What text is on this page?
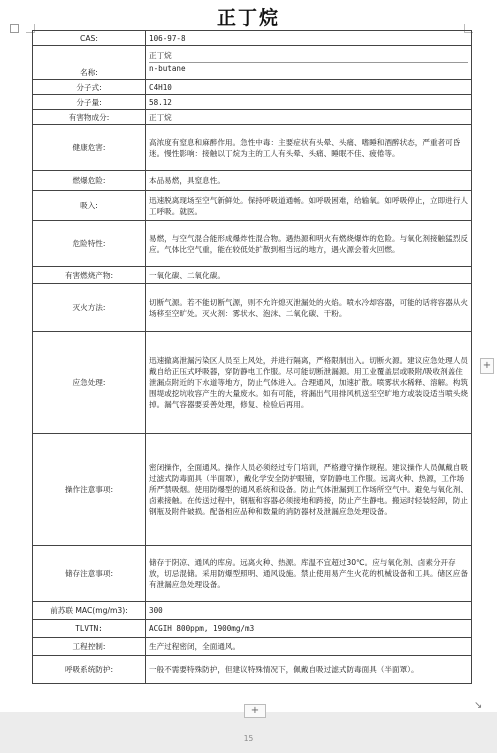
正丁烷
CAS:	106-97-8
名称:	正丁烷
n-butane

分子式:	C4H10
分子量:	58.12
有害物成分:	正丁烷
健康危害:	高浓度有窒息和麻醉作用。急性中毒：主要症状有头晕、头痛、嗜睡和酒醉状态，严重者可昏迷。慢性影响：接触以丁烷为主的工人有头晕、头痛、睡眠不佳、疲倦等。
燃爆危险:	本品易燃，具窒息性。
吸入:	迅速脱离现场至空气新鲜处。保持呼吸道通畅。如呼吸困难，给输氧。如呼吸停止，立即进行人工呼吸。就医。
危险特性:	易燃，与空气混合能形成爆炸性混合物。遇热源和明火有燃烧爆炸的危险。与氧化剂接触猛烈反应。气体比空气重，能在较低处扩散到相当远的地方，遇火源会着火回燃。
有害燃烧产物:	一氧化碳、二氧化碳。
灭火方法:	切断气源。若不能切断气源，则不允许熄灭泄漏处的火焰。喷水冷却容器，可能的话将容器从火场移至空旷处。灭火剂：雾状水、泡沫、二氧化碳、干粉。
应急处理:	迅速撤离泄漏污染区人员至上风处，并进行隔离，严格限制出入。切断火源。建议应急处理人员戴自给正压式呼吸器，穿防静电工作服。尽可能切断泄漏源。用工业覆盖层或吸附/吸收剂盖住泄漏点附近的下水道等地方，防止气体进入。合理通风，加速扩散。喷雾状水稀释、溶解。构筑围堤或挖坑收容产生的大量废水。如有可能，将漏出气用排风机送至空旷地方或装设适当喷头烧掉。漏气容器要妥善处理，修复、检验后再用。
操作注意事项:	密闭操作，全面通风。操作人员必须经过专门培训，严格遵守操作规程。建议操作人员佩戴自吸过滤式防毒面具（半面罩），戴化学安全防护眼镜，穿防静电工作服。远离火种、热源，工作场所严禁吸烟。使用防爆型的通风系统和设备。防止气体泄漏到工作场所空气中。避免与氧化剂、卤素接触。在传送过程中，钢瓶和容器必须接地和跨接，防止产生静电。搬运时轻装轻卸，防止钢瓶及附件破损。配备相应品种和数量的消防器材及泄漏应急处理设备。
储存注意事项:	储存于阴凉、通风的库房。远离火种、热源。库温不宜超过30℃。应与氧化剂、卤素分开存放，切忌混储。采用防爆型照明、通风设施。禁止使用易产生火花的机械设备和工具。储区应备有泄漏应急处理设备。
前苏联 MAC(mg/m3):	300
TLVTN:	ACGIH 800ppm, 1900mg/m3
工程控制:	生产过程密闭，全面通风。
呼吸系统防护:	一般不需要特殊防护，但建议特殊情况下，佩戴自吸过滤式防毒面具（半面罩）。
+
↘
+
15
